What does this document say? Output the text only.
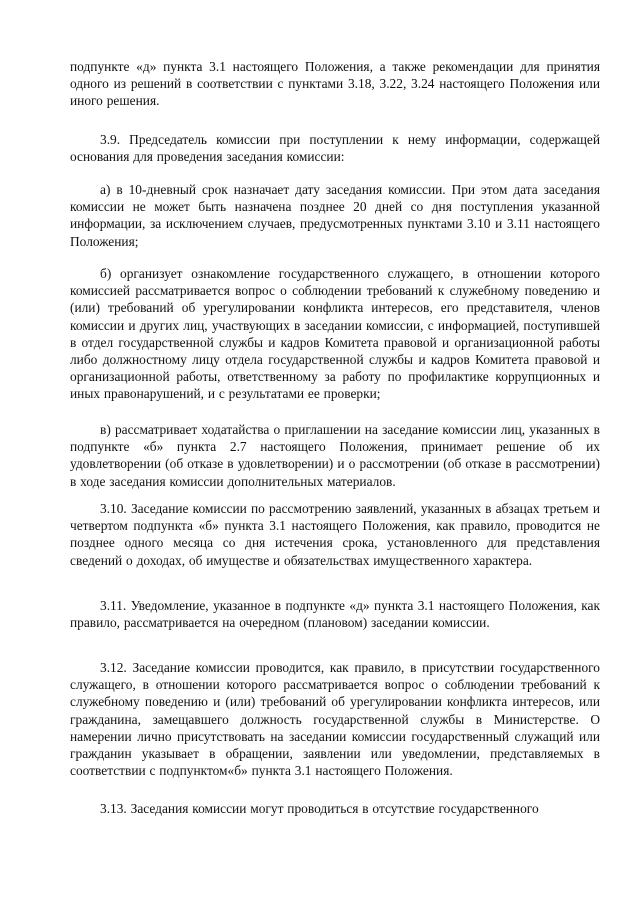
подпункте «д» пункта 3.1 настоящего Положения, а также рекомендации для принятия одного из решений в соответствии с пунктами 3.18, 3.22, 3.24 настоящего Положения или иного решения.

3.9. Председатель комиссии при поступлении к нему информации, содержащей основания для проведения заседания комиссии:

а) в 10-дневный срок назначает дату заседания комиссии. При этом дата заседания комиссии не может быть назначена позднее 20 дней со дня поступления указанной информации, за исключением случаев, предусмотренных пунктами 3.10 и 3.11 настоящего Положения;

б) организует ознакомление государственного служащего, в отношении которого комиссией рассматривается вопрос о соблюдении требований к служебному поведению и (или) требований об урегулировании конфликта интересов, его представителя, членов комиссии и других лиц, участвующих в заседании комиссии, с информацией, поступившей в отдел государственной службы и кадров Комитета правовой и организационной работы либо должностному лицу отдела государственной службы и кадров Комитета правовой и организационной работы, ответственному за работу по профилактике коррупционных и иных правонарушений, и с результатами ее проверки;

в) рассматривает ходатайства о приглашении на заседание комиссии лиц, указанных в подпункте «б» пункта 2.7 настоящего Положения, принимает решение об их удовлетворении (об отказе в удовлетворении) и о рассмотрении (об отказе в рассмотрении) в ходе заседания комиссии дополнительных материалов.

3.10. Заседание комиссии по рассмотрению заявлений, указанных в абзацах третьем и четвертом подпункта «б» пункта 3.1 настоящего Положения, как правило, проводится не позднее одного месяца со дня истечения срока, установленного для представления сведений о доходах, об имуществе и обязательствах имущественного характера.

3.11. Уведомление, указанное в подпункте «д» пункта 3.1 настоящего Положения, как правило, рассматривается на очередном (плановом) заседании комиссии.

3.12. Заседание комиссии проводится, как правило, в присутствии государственного служащего, в отношении которого рассматривается вопрос о соблюдении требований к служебному поведению и (или) требований об урегулировании конфликта интересов, или гражданина, замещавшего должность государственной службы в Министерстве. О намерении лично присутствовать на заседании комиссии государственный служащий или гражданин указывает в обращении, заявлении или уведомлении, представляемых в соответствии с подпунктом«б» пункта 3.1 настоящего Положения.

3.13. Заседания комиссии могут проводиться в отсутствие государственного
